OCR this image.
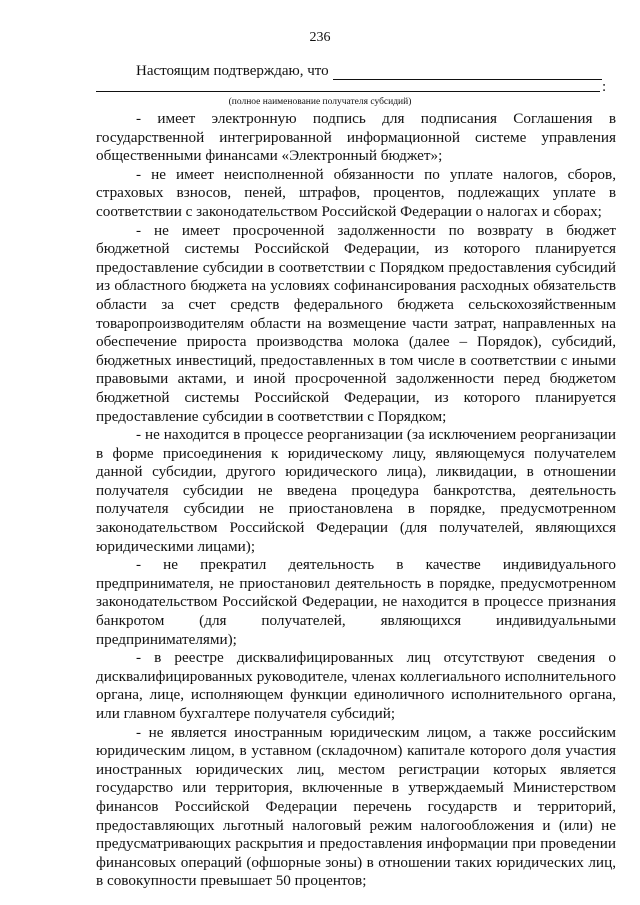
236
Настоящим подтверждаю, что
:
(полное наименование получателя субсидий)

- имеет электронную подпись для подписания Соглашения в государственной интегрированной информационной системе управления общественными финансами «Электронный бюджет»;

- не имеет неисполненной обязанности по уплате налогов, сборов, страховых взносов, пеней, штрафов, процентов, подлежащих уплате в соответствии с законодательством Российской Федерации о налогах и сборах;

- не имеет просроченной задолженности по возврату в бюджет бюджетной системы Российской Федерации, из которого планируется предоставление субсидии в соответствии с Порядком предоставления субсидий из областного бюджета на условиях софинансирования расходных обязательств области за счет средств федерального бюджета сельскохозяйственным товаропроизводителям области на возмещение части затрат, направленных на обеспечение прироста производства молока (далее – Порядок), субсидий, бюджетных инвестиций, предоставленных в том числе в соответствии с иными правовыми актами, и иной просроченной задолженности перед бюджетом бюджетной системы Российской Федерации, из которого планируется предоставление субсидии в соответствии с Порядком;

- не находится в процессе реорганизации (за исключением реорганизации в форме присоединения к юридическому лицу, являющемуся получателем данной субсидии, другого юридического лица), ликвидации, в отношении получателя субсидии не введена процедура банкротства, деятельность получателя субсидии не приостановлена в порядке, предусмотренном законодательством Российской Федерации (для получателей, являющихся юридическими лицами);

- не прекратил деятельность в качестве индивидуального предпринимателя, не приостановил деятельность в порядке, предусмотренном законодательством Российской Федерации, не находится в процессе признания банкротом (для получателей, являющихся индивидуальными предпринимателями);

- в реестре дисквалифицированных лиц отсутствуют сведения о дисквалифицированных руководителе, членах коллегиального исполнительного органа, лице, исполняющем функции единоличного исполнительного органа, или главном бухгалтере получателя субсидий;

- не является иностранным юридическим лицом, а также российским юридическим лицом, в уставном (складочном) капитале которого доля участия иностранных юридических лиц, местом регистрации которых является государство или территория, включенные в утверждаемый Министерством финансов Российской Федерации перечень государств и территорий, предоставляющих льготный налоговый режим налогообложения и (или) не предусматривающих раскрытия и предоставления информации при проведении финансовых операций (офшорные зоны) в отношении таких юридических лиц, в совокупности превышает 50 процентов;
